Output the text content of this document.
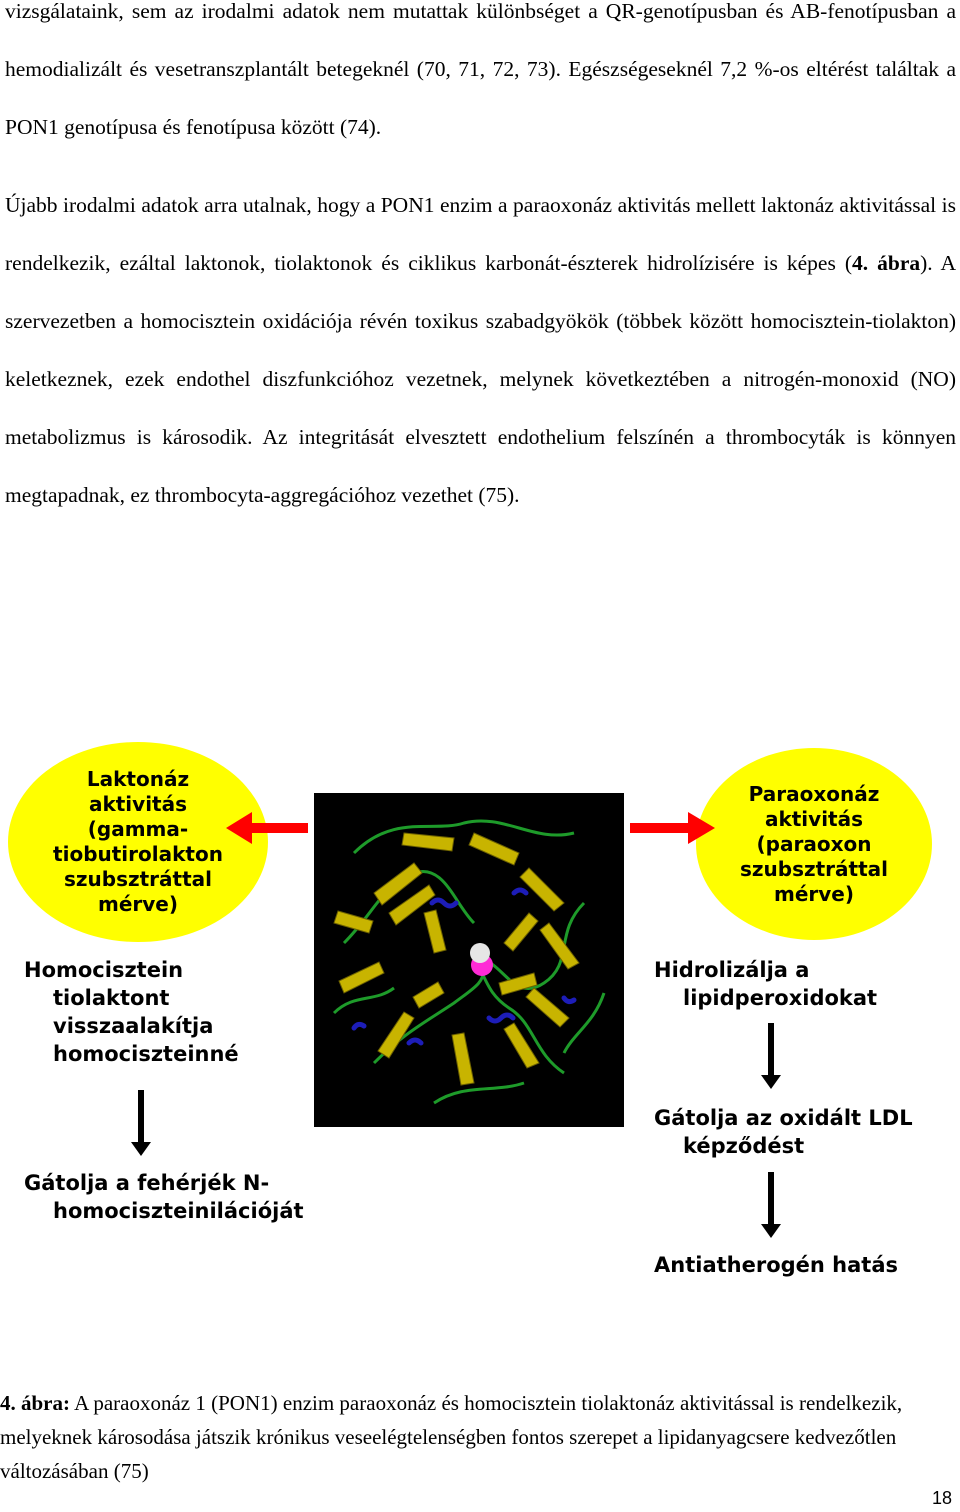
vizsgálataink, sem az irodalmi adatok nem mutattak különbséget a QR-genotípusban és AB-fenotípusban a hemodializált és vesetranszplantált betegeknél (70, 71, 72, 73). Egészségeseknél 7,2 %-os eltérést találtak a PON1 genotípusa és fenotípusa között (74).
Újabb irodalmi adatok arra utalnak, hogy a PON1 enzim a paraoxonáz aktivitás mellett laktonáz aktivitással is rendelkezik, ezáltal laktonok, tiolaktonok és ciklikus karbonát-észterek hidrolízisére is képes (4. ábra). A szervezetben a homocisztein oxidációja révén toxikus szabadgyökök (többek között homocisztein-tiolakton) keletkeznek, ezek endothel diszfunkcióhoz vezetnek, melynek következtében a nitrogén-monoxid (NO) metabolizmus is károsodik. Az integritását elvesztett endothelium felszínén a thrombocyták is könnyen megtapadnak, ez thrombocyta-aggregációhoz vezethet (75).
Laktonáz
aktivitás
(gamma-
tiobutirolakton
szubsztráttal
mérve)
Paraoxonáz
aktivitás
(paraoxon
szubsztráttal
mérve)
Homocisztein
tiolaktont
visszaalakítja
homociszteinné
Gátolja a fehérjék N-
homociszteinilációját
Hidrolizálja a
lipidperoxidokat
Gátolja az oxidált LDL
képződést
Antiatherogén hatás
4. ábra: A paraoxonáz 1 (PON1) enzim paraoxonáz és homocisztein tiolaktonáz aktivitással is rendelkezik, melyeknek károsodása játszik krónikus veseelégtelenségben fontos szerepet a lipidanyagcsere kedvezőtlen változásában (75)
18
